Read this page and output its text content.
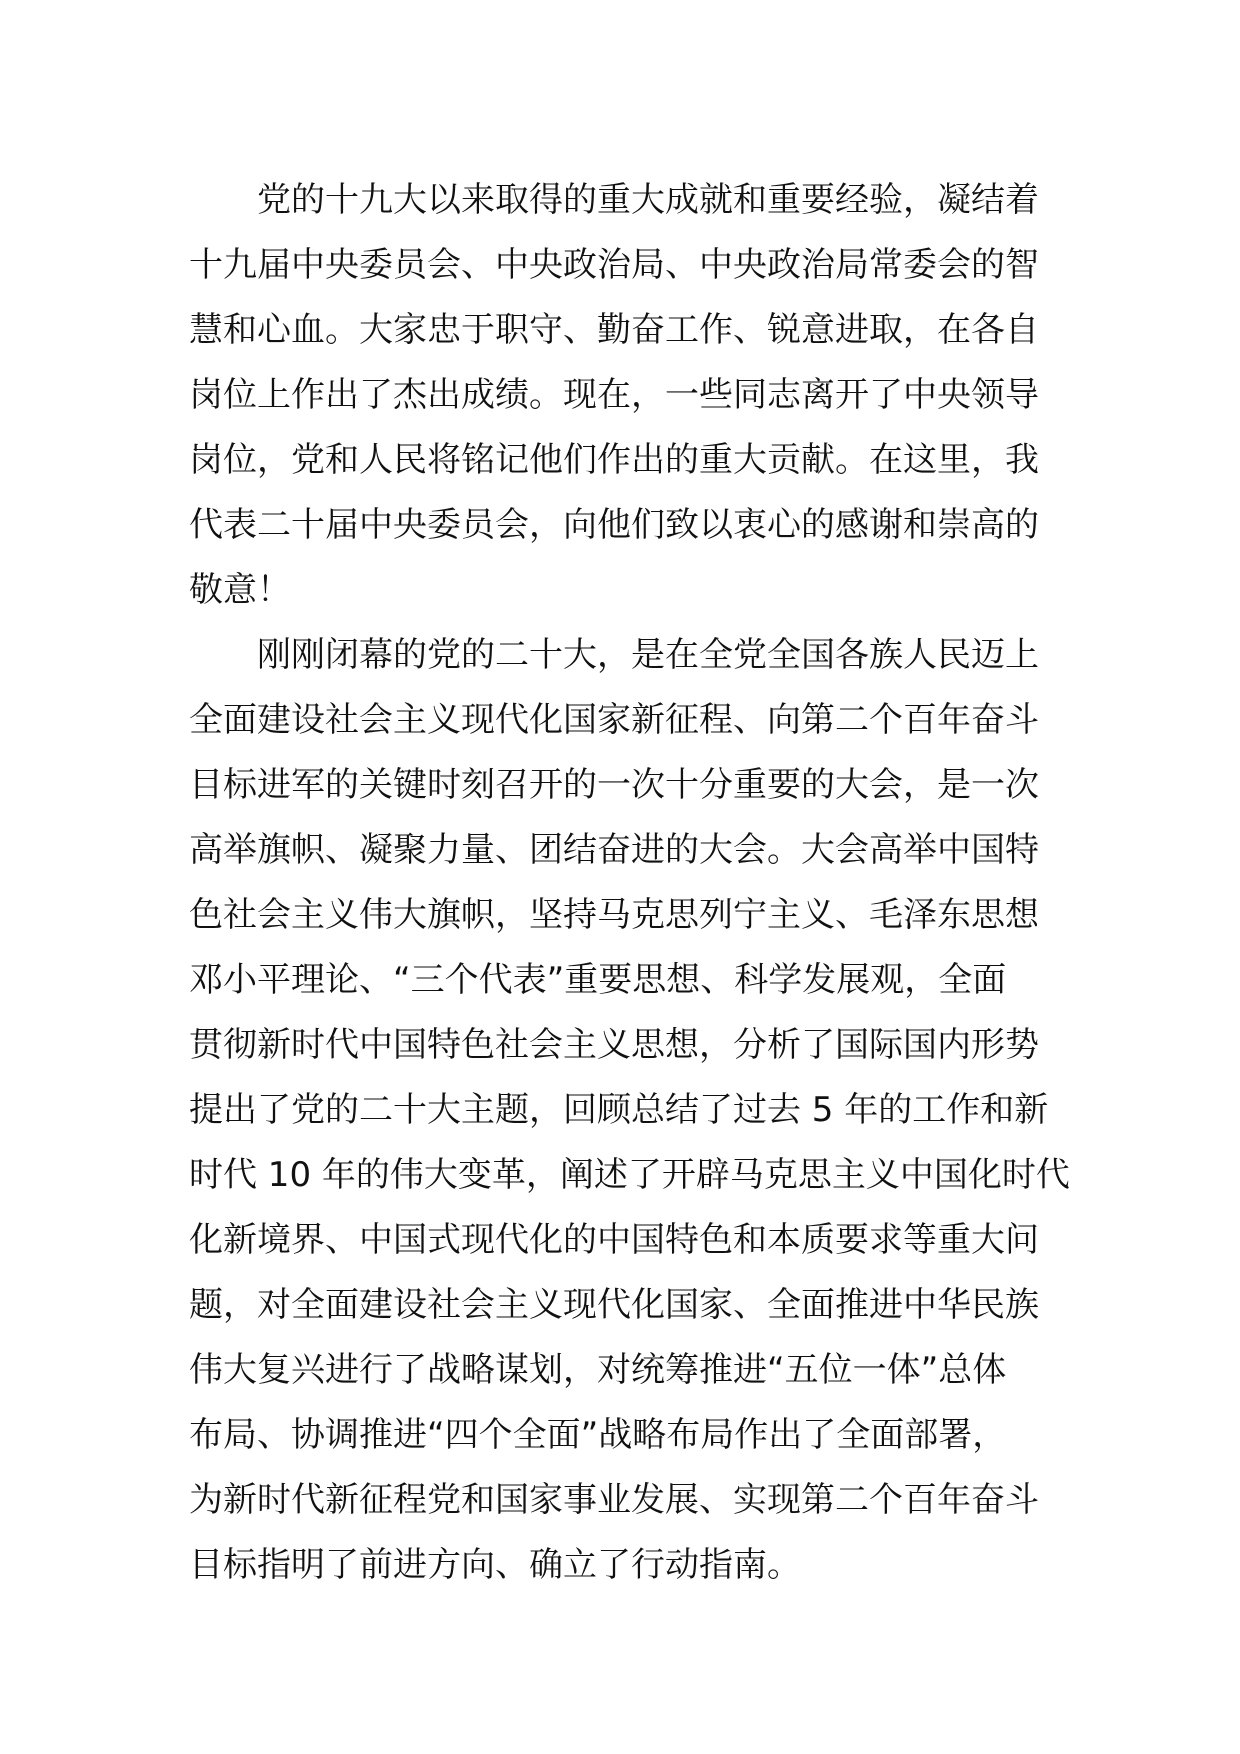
党的十九大以来取得的重大成就和重要经验，凝结着
十九届中央委员会、中央政治局、中央政治局常委会的智
慧和心血。大家忠于职守、勤奋工作、锐意进取，在各自
岗位上作出了杰出成绩。现在，一些同志离开了中央领导
岗位，党和人民将铭记他们作出的重大贡献。在这里，我
代表二十届中央委员会，向他们致以衷心的感谢和崇高的
敬意！
刚刚闭幕的党的二十大，是在全党全国各族人民迈上
全面建设社会主义现代化国家新征程、向第二个百年奋斗
目标进军的关键时刻召开的一次十分重要的大会，是一次
高举旗帜、凝聚力量、团结奋进的大会。大会高举中国特
色社会主义伟大旗帜，坚持马克思列宁主义、毛泽东思想
邓小平理论、“三个代表”重要思想、科学发展观，全面
贯彻新时代中国特色社会主义思想，分析了国际国内形势
提出了党的二十大主题，回顾总结了过去 5 年的工作和新
时代 10 年的伟大变革，阐述了开辟马克思主义中国化时代
化新境界、中国式现代化的中国特色和本质要求等重大问
题，对全面建设社会主义现代化国家、全面推进中华民族
伟大复兴进行了战略谋划，对统筹推进“五位一体”总体
布局、协调推进“四个全面”战略布局作出了全面部署，
为新时代新征程党和国家事业发展、实现第二个百年奋斗
目标指明了前进方向、确立了行动指南。
